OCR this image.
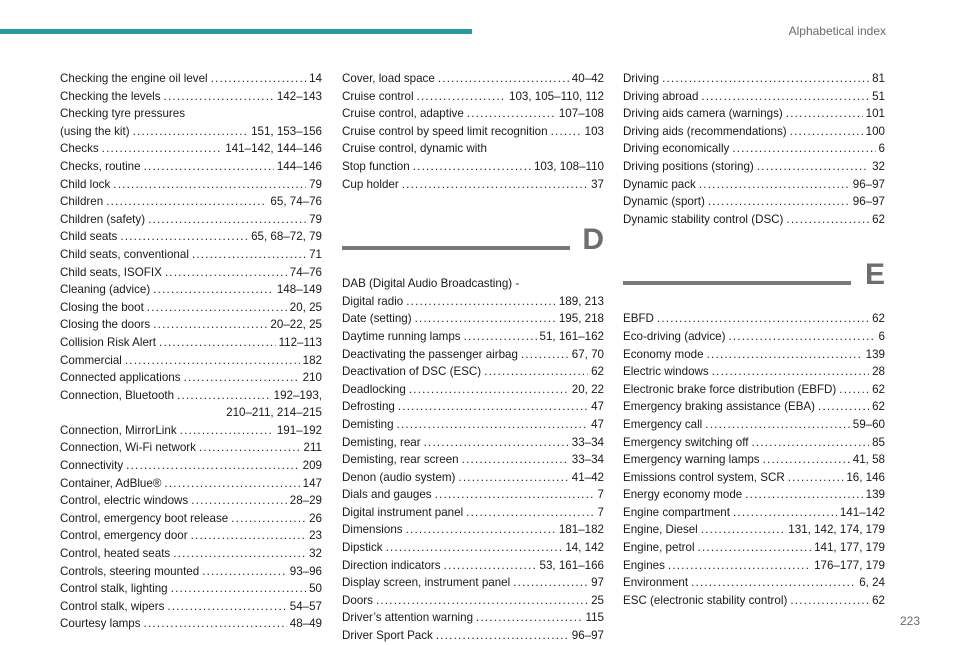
Alphabetical index
Checking the engine oil level . . .	14
Checking the levels . . .	142–143
Checking tyre pressures
(using the kit) . . .	151, 153–156
Checks . . .	141–142, 144–146
Checks, routine . . .	144–146
Child lock . . .	79
Children . . .	65, 74–76
Children (safety) . . .	79
Child seats . . .	65, 68–72, 79
Child seats, conventional . . .	71
Child seats, ISOFIX . . .	74–76
Cleaning (advice) . . .	148–149
Closing the boot . . .	20, 25
Closing the doors . . .	20–22, 25
Collision Risk Alert . . .	112–113
Commercial . . .	182
Connected applications . . .	210
Connection, Bluetooth . . .	192–193,
210–211, 214–215
Connection, MirrorLink . . .	191–192
Connection, Wi-Fi network . . .	211
Connectivity . . .	209
Container, AdBlue® . . .	147
Control, electric windows . . .	28–29
Control, emergency boot release . . .	26
Control, emergency door . . .	23
Control, heated seats . . .	32
Controls, steering mounted . . .	93–96
Control stalk, lighting . . .	50
Control stalk, wipers . . .	54–57
Courtesy lamps . . .	48–49
Cover, load space . . .	40–42
Cruise control . . .	103, 105–110, 112
Cruise control, adaptive . . .	107–108
Cruise control by speed limit recognition . . .	103
Cruise control, dynamic with
Stop function . . .	103, 108–110
Cup holder . . .	37
D
DAB (Digital Audio Broadcasting) -
Digital radio . . .	189, 213
Date (setting) . . .	195, 218
Daytime running lamps . . .	51, 161–162
Deactivating the passenger airbag . . .	67, 70
Deactivation of DSC (ESC) . . .	62
Deadlocking . . .	20, 22
Defrosting . . .	47
Demisting . . .	47
Demisting, rear . . .	33–34
Demisting, rear screen . . .	33–34
Denon (audio system) . . .	41–42
Dials and gauges . . .	7
Digital instrument panel . . .	7
Dimensions . . .	181–182
Dipstick . . .	14, 142
Direction indicators . . .	53, 161–166
Display screen, instrument panel . . .	97
Doors . . .	25
Driver’s attention warning . . .	115
Driver Sport Pack . . .	96–97
Driving . . .	81
Driving abroad . . .	51
Driving aids camera (warnings) . . .	101
Driving aids (recommendations) . . .	100
Driving economically . . .	6
Driving positions (storing) . . .	32
Dynamic pack . . .	96–97
Dynamic (sport) . . .	96–97
Dynamic stability control (DSC) . . .	62
E
EBFD . . .	62
Eco-driving (advice) . . .	6
Economy mode . . .	139
Electric windows . . .	28
Electronic brake force distribution (EBFD) . . .	62
Emergency braking assistance (EBA) . . .	62
Emergency call . . .	59–60
Emergency switching off . . .	85
Emergency warning lamps . . .	41, 58
Emissions control system, SCR . . .	16, 146
Energy economy mode . . .	139
Engine compartment . . .	141–142
Engine, Diesel . . .	131, 142, 174, 179
Engine, petrol . . .	141, 177, 179
Engines . . .	176–177, 179
Environment . . .	6, 24
ESC (electronic stability control) . . .	62
223
